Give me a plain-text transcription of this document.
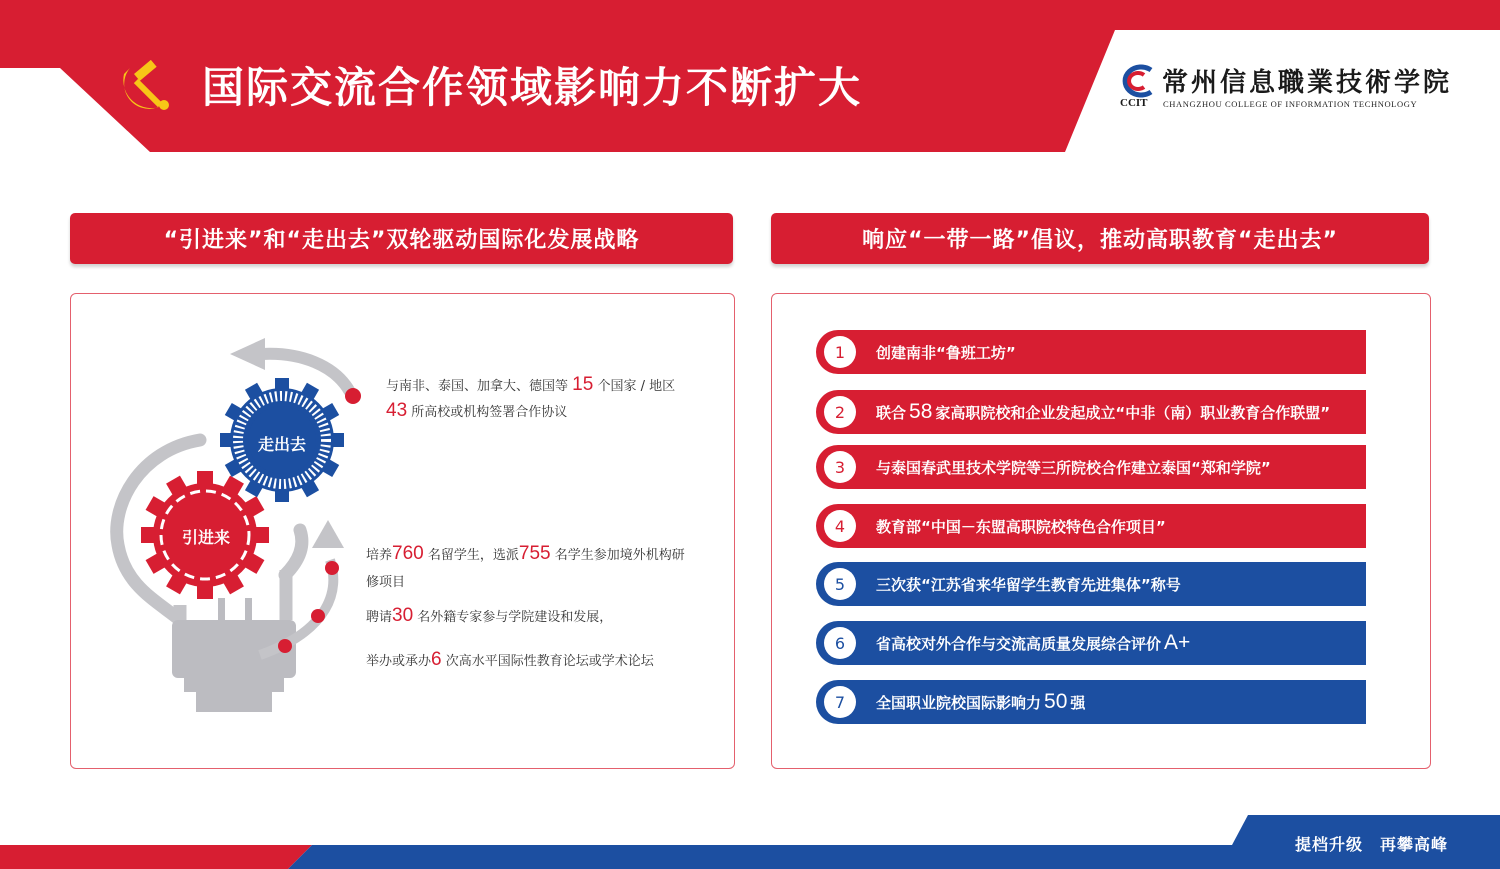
国际交流合作领域影响力不断扩大	CCIT
常州信息職業技術学院
CHANGZHOU COLLEGE OF INFORMATION TECHNOLOGY
“引进来”和“走出去”双轮驱动国际化发展战略	响应“一带一路”倡议，推动高职教育“走出去”
走出去
引进来
与南非、泰国、加拿大、德国等 15 个国家 / 地区
43 所高校或机构签署合作协议
培养760 名留学生，选派755 名学生参加境外机构研
修项目
聘请30 名外籍专家参与学院建设和发展，
举办或承办6 次高水平国际性教育论坛或学术论坛
1	创建南非“鲁班工坊”
2	联合 58 家高职院校和企业发起成立“中非（南）职业教育合作联盟”
3	与泰国春武里技术学院等三所院校合作建立泰国“郑和学院”
4	教育部“中国－东盟高职院校特色合作项目”
5	三次获“江苏省来华留学生教育先进集体”称号
6	省高校对外合作与交流高质量发展综合评价 A+
7	全国职业院校国际影响力 50 强
提档升级　再攀高峰
